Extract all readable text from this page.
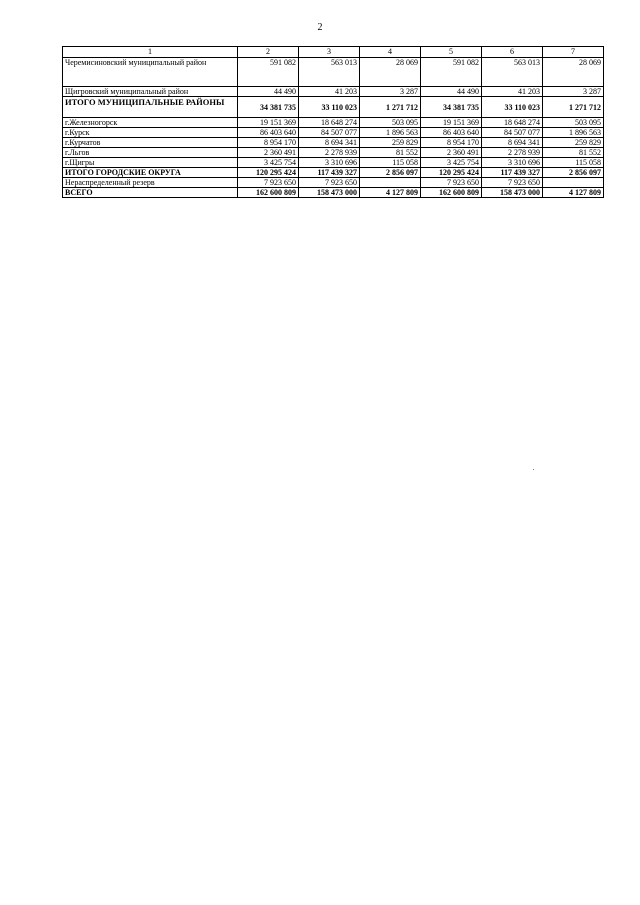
2
1	2	3	4	5	6	7
Черемисиновский муниципальный район	591 082	563 013	28 069	591 082	563 013	28 069
Щигровский муниципальный район	44 490	41 203	3 287	44 490	41 203	3 287
ИТОГО МУНИЦИПАЛЬНЫЕ РАЙОНЫ	34 381 735	33 110 023	1 271 712	34 381 735	33 110 023	1 271 712
г.Железногорск	19 151 369	18 648 274	503 095	19 151 369	18 648 274	503 095
г.Курск	86 403 640	84 507 077	1 896 563	86 403 640	84 507 077	1 896 563
г.Курчатов	8 954 170	8 694 341	259 829	8 954 170	8 694 341	259 829
г.Льгов	2 360 491	2 278 939	81 552	2 360 491	2 278 939	81 552
г.Щигры	3 425 754	3 310 696	115 058	3 425 754	3 310 696	115 058
ИТОГО ГОРОДСКИЕ ОКРУГА	120 295 424	117 439 327	2 856 097	120 295 424	117 439 327	2 856 097
Нераспределенный резерв	7 923 650	7 923 650		7 923 650	7 923 650	
ВСЕГО	162 600 809	158 473 000	4 127 809	162 600 809	158 473 000	4 127 809
